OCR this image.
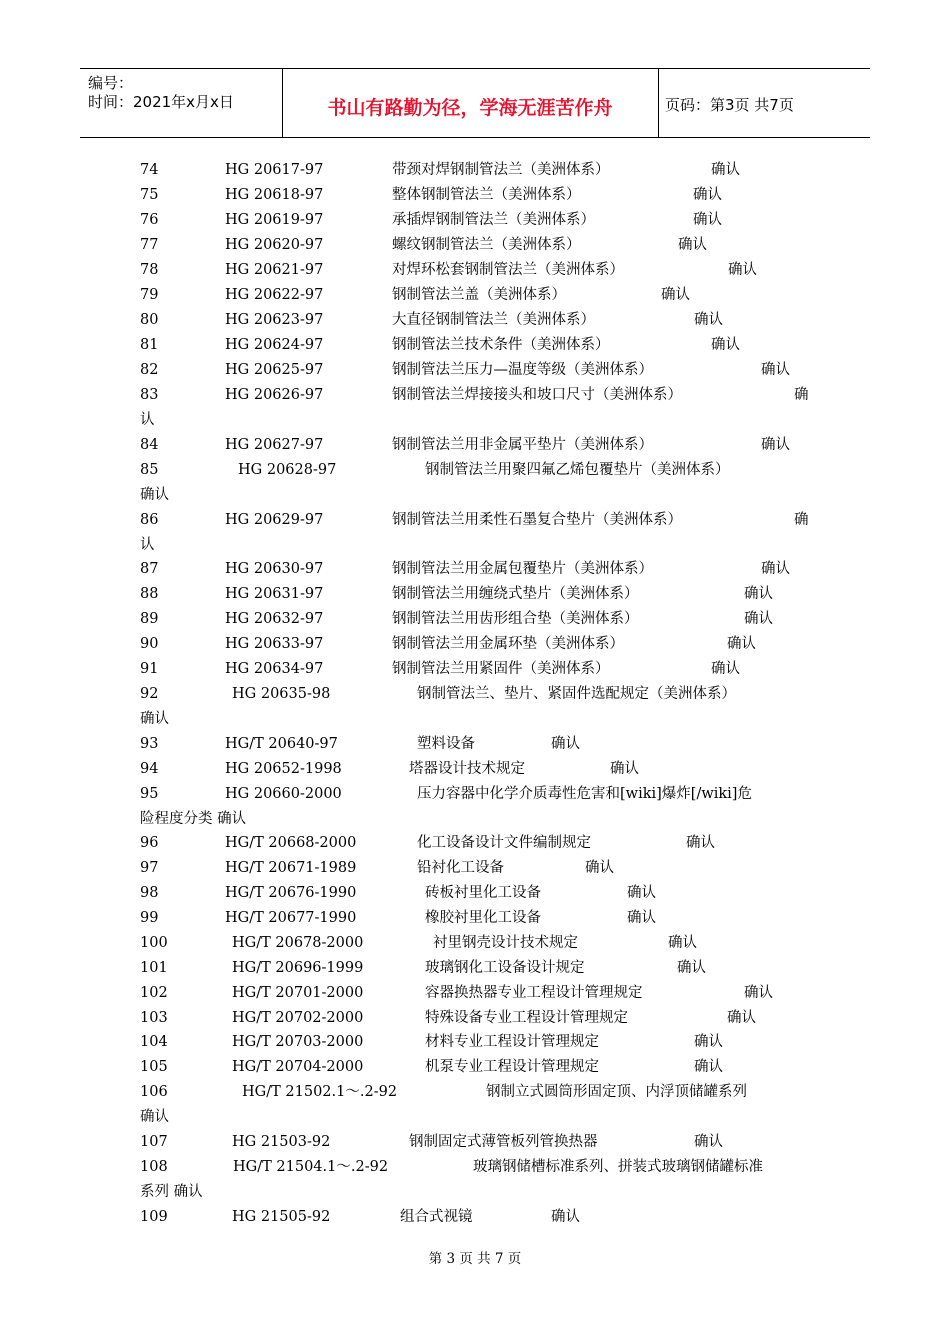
编号：
时间：2021年x月x日	书山有路勤为径，学海无涯苦作舟	页码：第3页 共7页
74	HG 20617-97	带颈对焊钢制管法兰（美洲体系）	确认
75	HG 20618-97	整体钢制管法兰（美洲体系）	确认
76	HG 20619-97	承插焊钢制管法兰（美洲体系）	确认
77	HG 20620-97	螺纹钢制管法兰（美洲体系）	确认
78	HG 20621-97	对焊环松套钢制管法兰（美洲体系）	确认
79	HG 20622-97	钢制管法兰盖（美洲体系）	确认
80	HG 20623-97	大直径钢制管法兰（美洲体系）	确认
81	HG 20624-97	钢制管法兰技术条件（美洲体系）	确认
82	HG 20625-97	钢制管法兰压力—温度等级（美洲体系）	确认
83	HG 20626-97	钢制管法兰焊接接头和坡口尺寸（美洲体系）	确
认
84	HG 20627-97	钢制管法兰用非金属平垫片（美洲体系）	确认
85	HG 20628-97	钢制管法兰用聚四氟乙烯包覆垫片（美洲体系）
确认
86	HG 20629-97	钢制管法兰用柔性石墨复合垫片（美洲体系）	确
认
87	HG 20630-97	钢制管法兰用金属包覆垫片（美洲体系）	确认
88	HG 20631-97	钢制管法兰用缠绕式垫片（美洲体系）	确认
89	HG 20632-97	钢制管法兰用齿形组合垫（美洲体系）	确认
90	HG 20633-97	钢制管法兰用金属环垫（美洲体系）	确认
91	HG 20634-97	钢制管法兰用紧固件（美洲体系）	确认
92	HG 20635-98	钢制管法兰、垫片、紧固件选配规定（美洲体系）
确认
93	HG/T 20640-97	塑料设备	确认
94	HG 20652-1998	塔器设计技术规定	确认
95	HG 20660-2000	压力容器中化学介质毒性危害和[wiki]爆炸[/wiki]危
险程度分类 确认
96	HG/T 20668-2000	化工设备设计文件编制规定	确认
97	HG/T 20671-1989	铅衬化工设备	确认
98	HG/T 20676-1990	砖板衬里化工设备	确认
99	HG/T 20677-1990	橡胶衬里化工设备	确认
100	HG/T 20678-2000	衬里钢壳设计技术规定	确认
101	HG/T 20696-1999	玻璃钢化工设备设计规定	确认
102	HG/T 20701-2000	容器换热器专业工程设计管理规定	确认
103	HG/T 20702-2000	特殊设备专业工程设计管理规定	确认
104	HG/T 20703-2000	材料专业工程设计管理规定	确认
105	HG/T 20704-2000	机泵专业工程设计管理规定	确认
106	HG/T 21502.1～.2-92	钢制立式圆筒形固定顶、内浮顶储罐系列
确认
107	HG 21503-92	钢制固定式薄管板列管换热器	确认
108	HG/T 21504.1～.2-92	玻璃钢储槽标准系列、拼装式玻璃钢储罐标准
系列 确认
109	HG 21505-92	组合式视镜	确认
第 3 页 共 7 页
